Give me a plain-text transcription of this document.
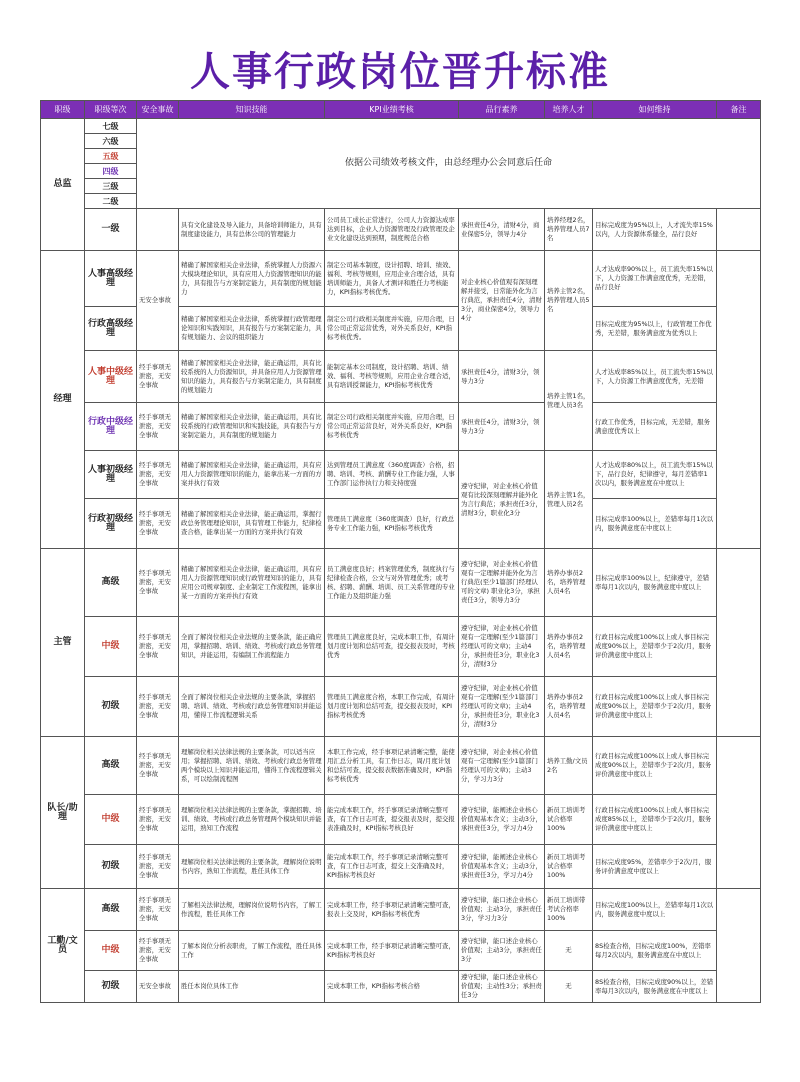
人事行政岗位晋升标准
职级	职级等次	安全事故	知识技能	KPI业绩考核	品行素养	培养人才	如何维持	备注
总监	七级	依据公司绩效考核文件，由总经理办公会同意后任命						
	六级							
	五级							
	四级							
	三级							
	二级							
	一级		具有文化建设及导入能力，具备培训师能力，具有制度建设能力，具有总体公司的管理能力	公司员工成长正常进行，公司人力资源达成率达到目标，企业人力资源管理及行政管理及企业文化建设达到预期，制度规范合格	承担责任4分，清财4分，商业保密5分，领导力4分	培养经理2名，培养管理人员7名	目标完成度为95%以上，人才流失率15%以内，人力资源体系健全，品行良好	
经理	人事高级经理	无安全事故	精确了解国家相关企业法律，系统掌握人力资源六大模块理论知识，具有应用人力资源管理知识的能力，具有报告与方案制定能力，具有制度的规划能力	制定公司基本制度，设计招聘、培训、绩效、福利、考核等规则，应用企业合理合适，具有培训师能力，具备人才测评和胜任力考核能力，KPI指标考核优秀。	对企业核心价值观有深刻理解并接受，日常能外化为言行典范，承担责任4分，清财3分，商业保密4分，领导力4分	培养主管2名，培养管理人员5名	人才达成率90%以上，员工流失率15%以下，人力资源工作满意度优秀，无差错，品行良好	
	行政高级经理		精确了解国家相关企业法律，系统掌握行政管理理论知识和实践知识，具有报告与方案制定能力，具有规划能力、会议的组织能力	制定公司行政相关制度并实施，应用合理，日常公司正常运营优秀，对外关系良好，KPI指标考核优秀。			目标完成度为95%以上，行政管理工作优秀，无差错，服务满意度为优秀以上	
	人事中级经理	经手事项无泄密，无安全事故	精确了解国家相关企业法律，能正确运用，具有比较系统的人力资源知识，并具备应用人力资源管理知识的能力，具有报告与方案制定能力，具有制度的规划能力	能制定基本公司制度，设计招聘、培训、绩效、福利、考核等规则，应用企业合理合适，具有培训授课能力，KPI指标考核优秀	承担责任4分，清财3分，领导力3分	培养主管1名，管理人员3名	人才达成率85%以上，员工流失率15%以下，人力资源工作满意度优秀，无差错	
	行政中级经理	经手事项无泄密，无安全事故	精确了解国家相关企业法律，能正确运用，具有比较系统的行政管理知识和实践技能，具有报告与方案制定能力，具有制度的规划能力	制定公司行政相关制度并实施，应用合理，日常公司正常运营良好，对外关系良好，KPI指标考核优秀	承担责任4分，清财3分，领导力3分		行政工作优秀，目标完成，无差错，服务满意度优秀以上	
	人事初级经理	经手事项无泄密，无安全事故	精确了解国家相关企业法律，能正确运用，具有应用人力资源管理知识的能力，能拿出某一方面的方案并执行有效	达到管理员工满意度（360度调查）合格，招聘、培训、考核、薪酬专业工作能力强，人事工作部门运作执行力和支持度强	遵守纪律，对企业核心价值观有比较深刻理解并能外化为言行典范；承担责任3分，清财3分，职业化3分	培养主管1名，管理人员2名	人才达成率80%以上，员工流失率15%以下，品行良好，纪律遵守，每月差错率1次以内，服务满意度在中度以上	
	行政初级经理	经手事项无泄密，无安全事故	精确了解国家相关企业法律，能正确运用，掌握行政总务管理理论知识，具有管理工作能力，纪律检查合格，能拿出某一方面的方案并执行有效	管理员工满意度（360度调查）良好，行政总务专业工作能力强，KPI指标考核优秀			目标完成率100%以上，差错率每月1次以内，服务满意度在中度以上	
主管	高级	经手事项无泄密，无安全事故	精确了解国家相关企业法律，能正确运用，具有应用人力资源管理知识或行政管理知识的能力，具有应用公司规章制度、企业制定工作流程图，能拿出某一方面的方案并执行有效	员工满意度良好；档案管理优秀，制度执行与纪律检查合格，公文与对外管理优秀；或考核、招聘、薪酬、培训、员工关系管理的专业工作能力及组织能力强	遵守纪律，对企业核心价值观有一定理解并能外化为言行典范(至少1篇部门经理认可的文章) 职业化3分，承担责任3分，领导力3分	培养办事员2名，培养管理人员4名	目标完成率100%以上，纪律遵守，差错率每月1次以内，服务满意度中度以上	
	中级	经手事项无泄密，无安全事故	全面了解岗位相关企业法规的主要条款，能正确应用，掌握招聘、培训、绩效、考核或行政总务管理知识，并能运用，有编制工作流程能力	管理员工满意度良好，完成本职工作，有周计划月度计划和总结可查，提交报表及时，考核优秀	遵守纪律，对企业核心价值观有一定理解(至少1篇部门经理认可的文章)；主动4分，承担责任3分，职业化3分，清财3分	培养办事员2名，培养管理人员4名	行政目标完成度100%以上或人事目标完成度90%以上，差错率少于2次/月，服务评价满意度中度以上	
	初级	经手事项无泄密，无安全事故	全面了解岗位相关企业法规的主要条款，掌握招聘、培训、绩效、考核或行政总务管理知识并能运用，懂得工作流程逻辑关系	管理员工满意度合格，本职工作完成，有周计划月度计划和总结可查，提交报表及时，KPI指标考核优秀	遵守纪律，对企业核心价值观有一定理解(至少1篇部门经理认可的文章)；主动4分，承担责任3分，职业化3分，清财3分	培养办事员2名，培养管理人员4名	行政目标完成度100%以上或人事目标完成度90%以上，差错率少于2次/月，服务评价满意度中度以上	
队长/助理	高级	经手事项无泄密，无安全事故	理解岗位相关法律法规的主要条款，可以适当应用；掌握招聘、培训、绩效、考核或行政总务管理两个模块以上知识并能运用，懂得工作流程逻辑关系，可以绘制流程图	本职工作完成，经手事项记录清晰完整，能使用汇总分析工具，有工作日志，周/月度计划和总结可查，提交报表数据准确及时，KPI指标考核优秀	遵守纪律，对企业核心价值观有一定理解(至少1篇部门经理认可的文章)；主动3分，学习力3分	培养工勤/文员2名	行政目标完成度100%以上或人事目标完成度90%以上，差错率少于2次/月，服务评价满意度中度以上	
	中级	经手事项无泄密，无安全事故	理解岗位相关法律法规的主要条款，掌握招聘、培训、绩效、考核或行政总务管理两个模块知识并能运用，熟知工作流程	能完成本职工作，经手事项记录清晰完整可查，有工作日志可查，提交报表及时，提交报表准确及时，KPI指标考核良好	遵守纪律，能阐述企业核心价值观基本含义；主动3分，承担责任3分，学习力4分	新员工培训考试合格率100%	行政目标完成度100%以上或人事目标完成度85%以上，差错率少于2次/月，服务评价满意度中度以上	
	初级	经手事项无泄密，无安全事故	理解岗位相关法律法规的主要条款，理解岗位说明书内容，熟知工作流程，胜任具体工作	能完成本职工作，经手事项记录清晰完整可查，有工作日志可查，提交上交准确及时，KPI指标考核良好	遵守纪律，能阐述企业核心价值观基本含义；主动3分，承担责任3分，学习力4分	新员工培训考试合格率100%	目标完成度95%，差错率少于2次/月，服务评价满意度中度以上	
工勤/文员	高级	经手事项无泄密，无安全事故	了解相关法律法规，理解岗位说明书内容，了解工作流程，胜任具体工作	完成本职工作，经手事项记录清晰完整可查，报表上交及时，KPI指标考核优秀	遵守纪律，能口述企业核心价值观；主动3分，承担责任3分，学习力3分	新员工培训带考试合格率100%	目标完成度100%以上，差错率每月1次以内，服务满意度中度以上	
	中级	经手事项无泄密，无安全事故	了解本岗位分析表职责，了解工作流程，胜任具体工作	完成本职工作，经手事项记录清晰完整可查，KPI指标考核良好	遵守纪律，能口述企业核心价值观；主动3分，承担责任3分	无	8S检查合格，目标完成度100%，差错率每月2次以内，服务满意度在中度以上	
	初级	无安全事故	胜任本岗位具体工作	完成本职工作，KPI指标考核合格	遵守纪律，能口述企业核心价值观；主动性3分；承担责任3分	无	8S检查合格，目标完成度90%以上，差错率每月3次以内，服务满意度在中度以上	
